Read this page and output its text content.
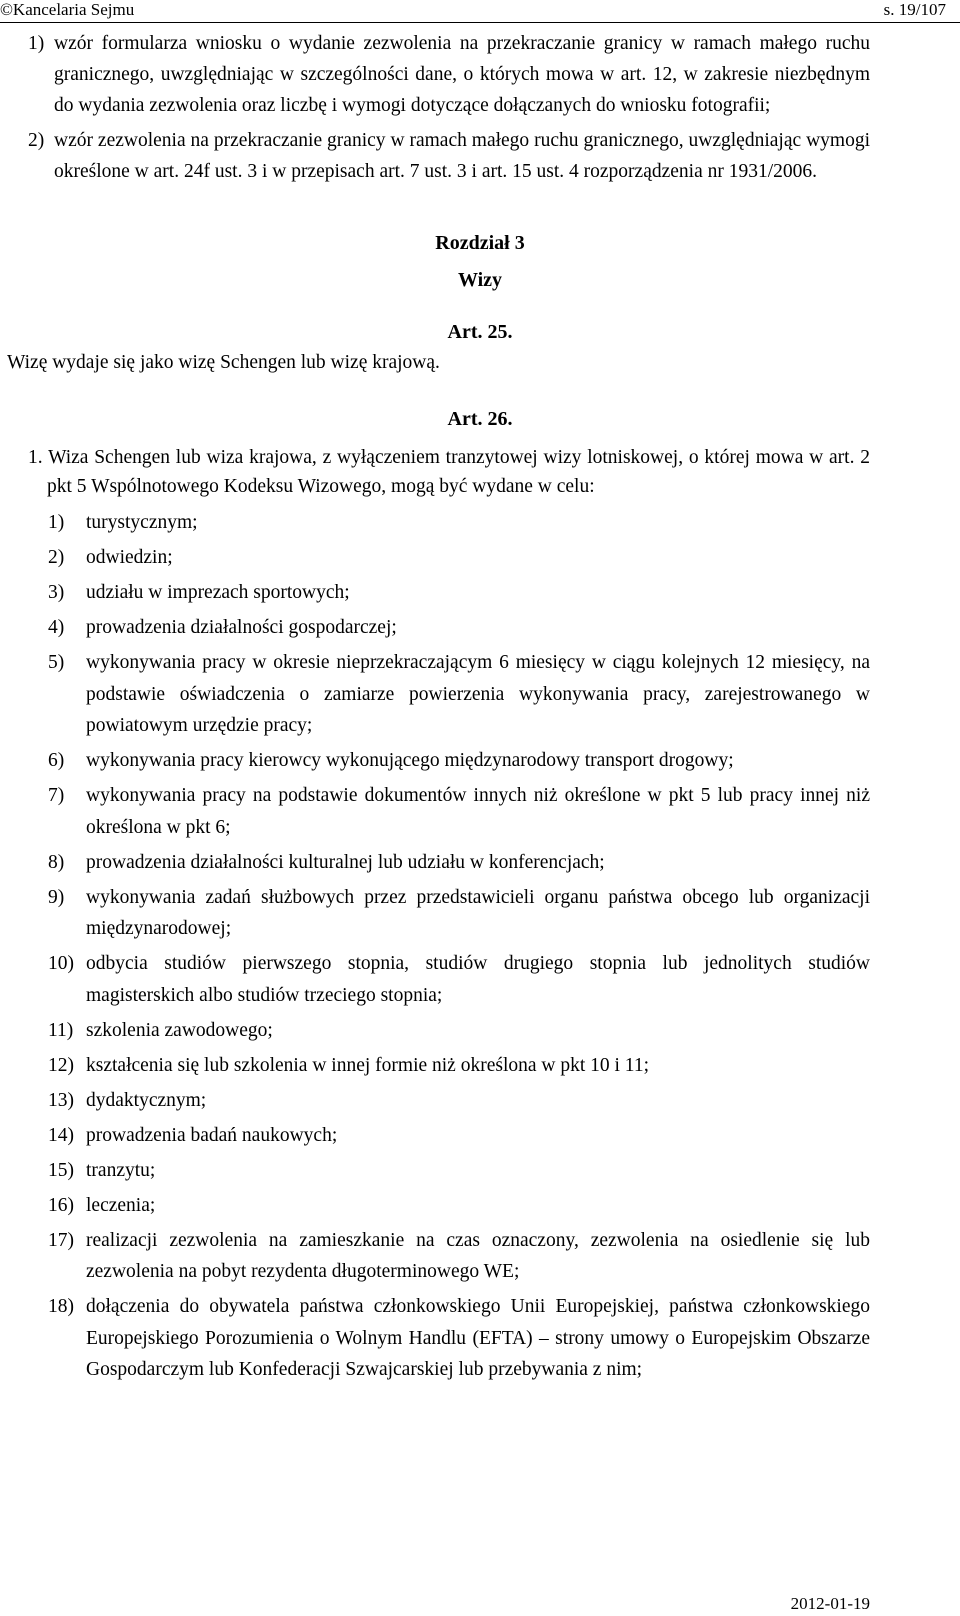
©Kancelaria Sejmu	s. 19/107
1) wzór formularza wniosku o wydanie zezwolenia na przekraczanie granicy w ramach małego ruchu granicznego, uwzględniając w szczególności dane, o których mowa w art. 12, w zakresie niezbędnym do wydania zezwolenia oraz liczbę i wymogi dotyczące dołączanych do wniosku fotografii;
2) wzór zezwolenia na przekraczanie granicy w ramach małego ruchu granicznego, uwzględniając wymogi określone w art. 24f ust. 3 i w przepisach art. 7 ust. 3 i art. 15 ust. 4 rozporządzenia nr 1931/2006.
Rozdział 3
Wizy
Art. 25.
Wizę wydaje się jako wizę Schengen lub wizę krajową.
Art. 26.
1. Wiza Schengen lub wiza krajowa, z wyłączeniem tranzytowej wizy lotniskowej, o której mowa w art. 2 pkt 5 Wspólnotowego Kodeksu Wizowego, mogą być wydane w celu:
1)	turystycznym;
2)	odwiedzin;
3)	udziału w imprezach sportowych;
4)	prowadzenia działalności gospodarczej;
5)	wykonywania pracy w okresie nieprzekraczającym 6 miesięcy w ciągu kolejnych 12 miesięcy, na podstawie oświadczenia o zamiarze powierzenia wykonywania pracy, zarejestrowanego w powiatowym urzędzie pracy;
6)	wykonywania pracy kierowcy wykonującego międzynarodowy transport drogowy;
7)	wykonywania pracy na podstawie dokumentów innych niż określone w pkt 5 lub pracy innej niż określona w pkt 6;
8)	prowadzenia działalności kulturalnej lub udziału w konferencjach;
9)	wykonywania zadań służbowych przez przedstawicieli organu państwa obcego lub organizacji międzynarodowej;
10) odbycia studiów pierwszego stopnia, studiów drugiego stopnia lub jednolitych studiów magisterskich albo studiów trzeciego stopnia;
11) szkolenia zawodowego;
12) kształcenia się lub szkolenia w innej formie niż określona w pkt 10 i 11;
13) dydaktycznym;
14) prowadzenia badań naukowych;
15) tranzytu;
16) leczenia;
17) realizacji zezwolenia na zamieszkanie na czas oznaczony, zezwolenia na osiedlenie się lub zezwolenia na pobyt rezydenta długoterminowego WE;
18) dołączenia do obywatela państwa członkowskiego Unii Europejskiej, państwa członkowskiego Europejskiego Porozumienia o Wolnym Handlu (EFTA) – strony umowy o Europejskim Obszarze Gospodarczym lub Konfederacji Szwajcarskiej lub przebywania z nim;
2012-01-19
